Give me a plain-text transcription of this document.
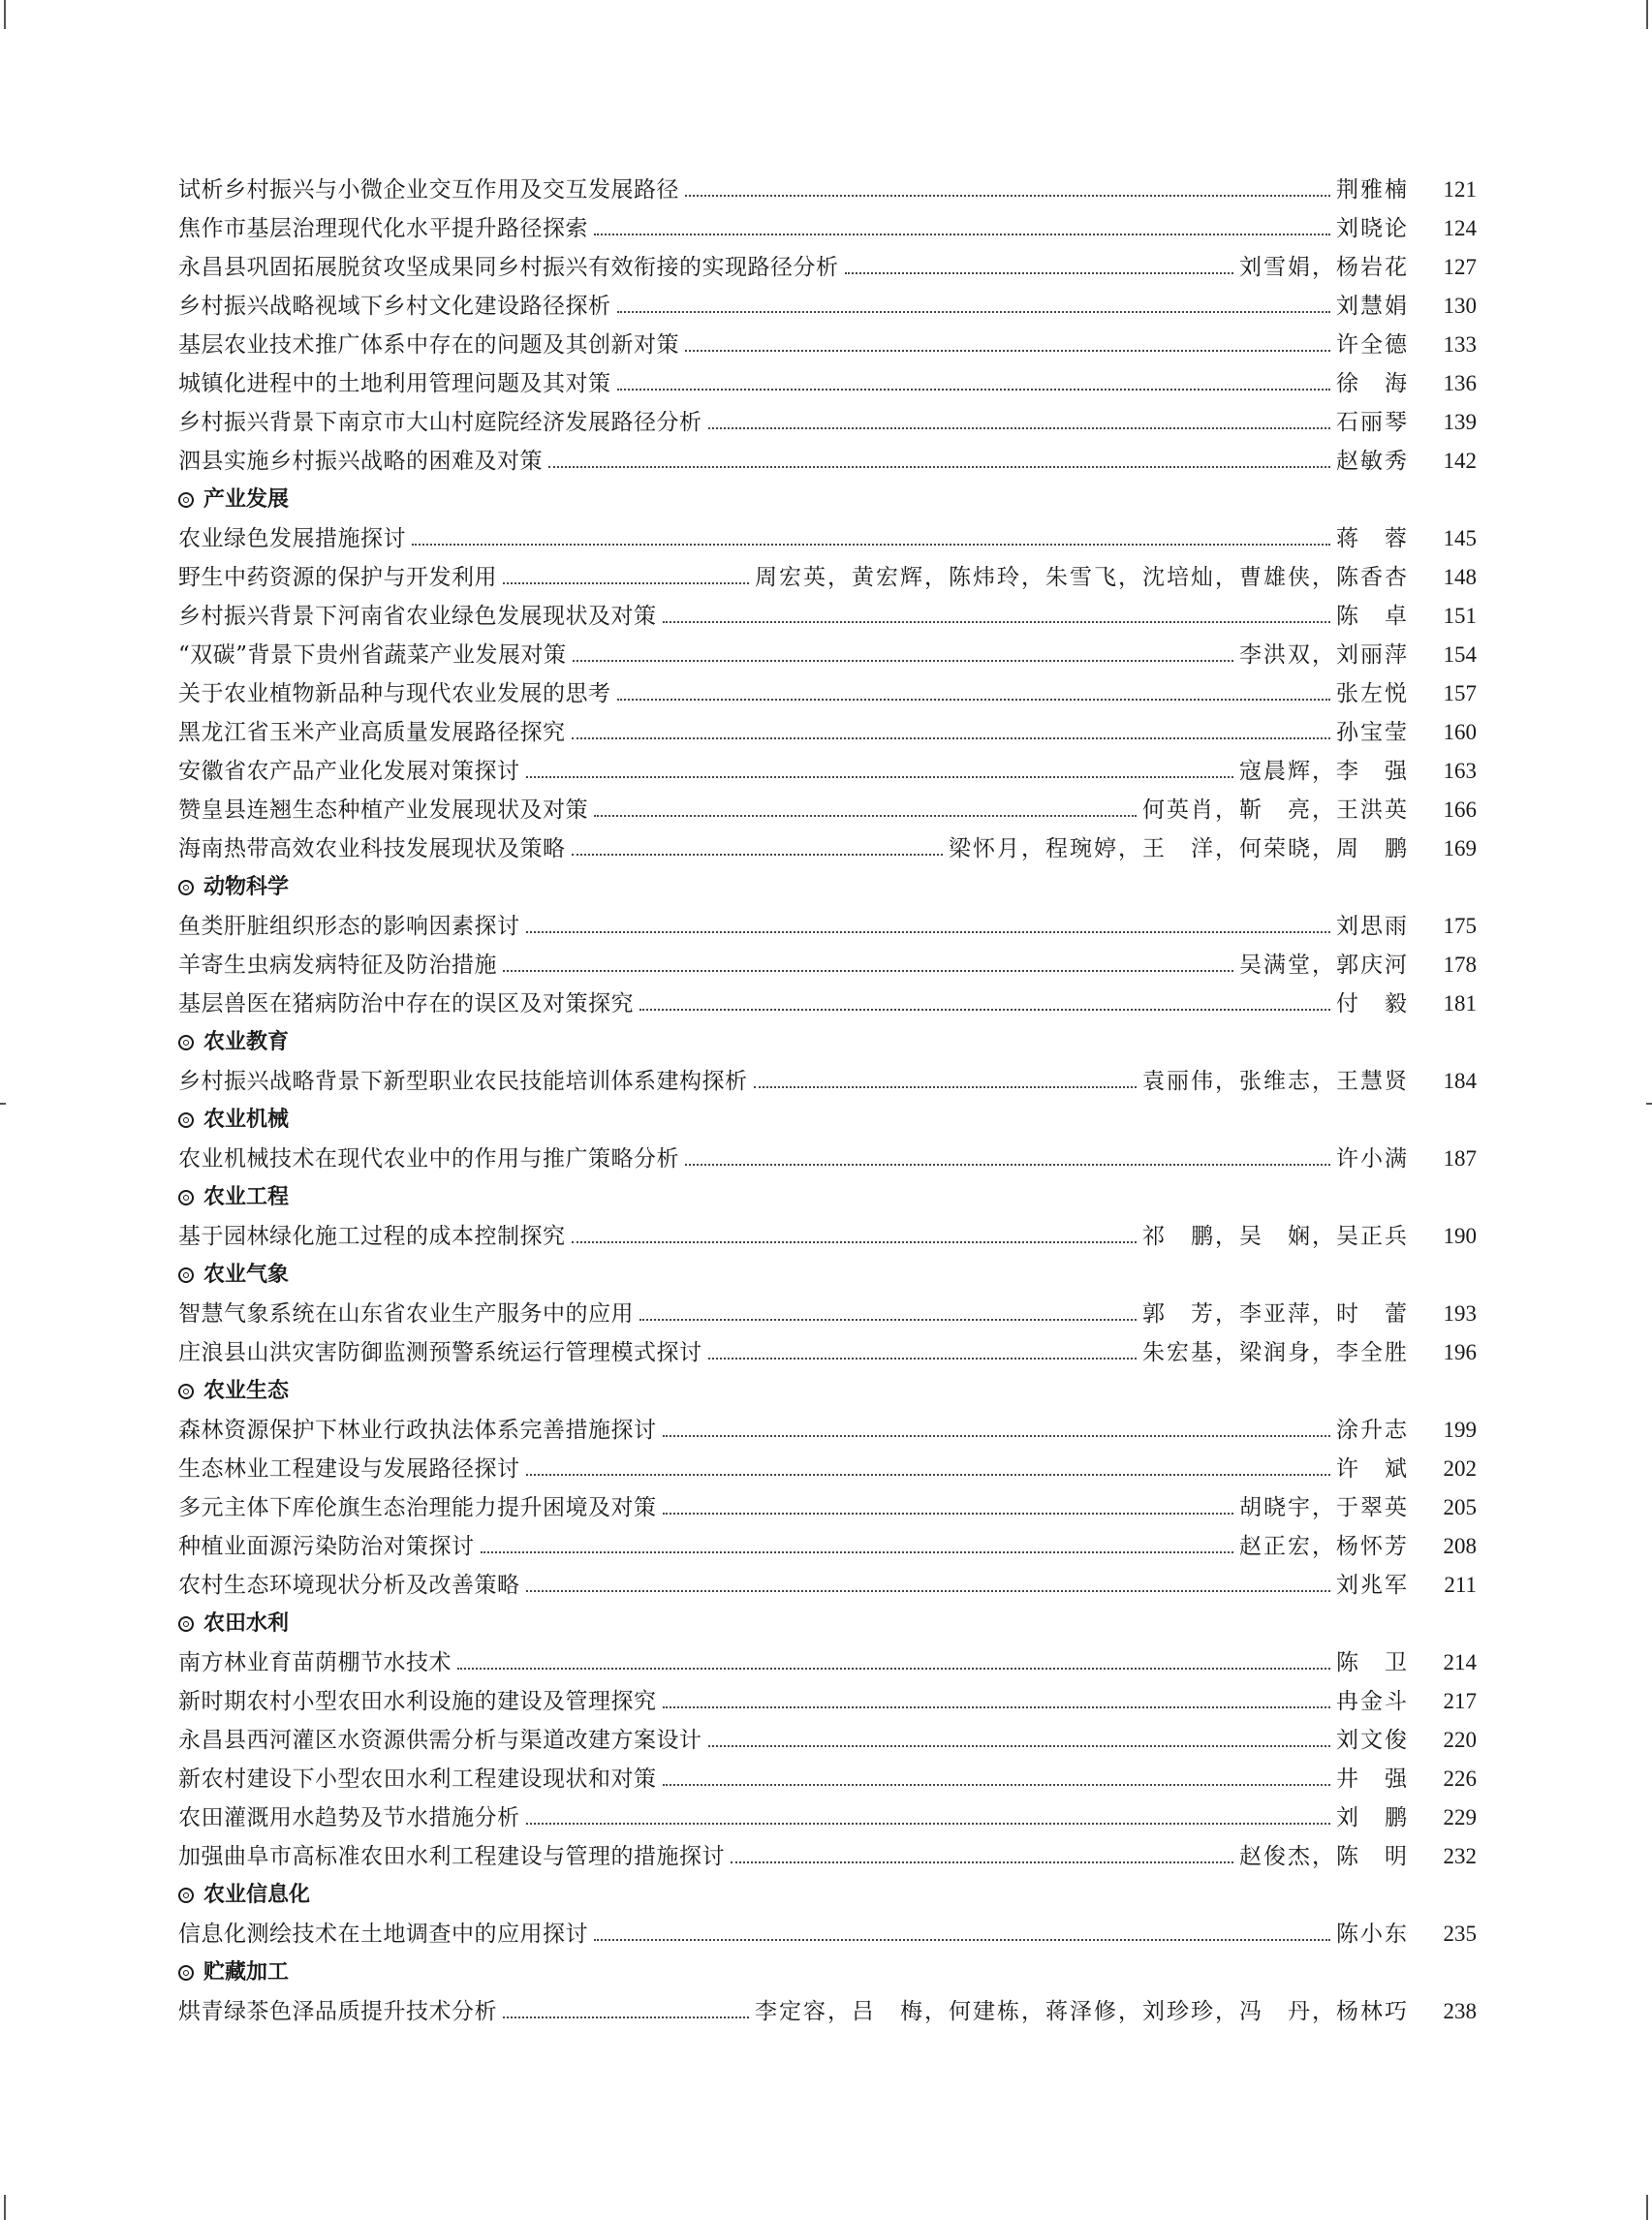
试析乡村振兴与小微企业交互作用及交互发展路径	荆雅楠	121
焦作市基层治理现代化水平提升路径探索	刘晓论	124
永昌县巩固拓展脱贫攻坚成果同乡村振兴有效衔接的实现路径分析	刘雪娟，杨岩花	127
乡村振兴战略视域下乡村文化建设路径探析	刘慧娟	130
基层农业技术推广体系中存在的问题及其创新对策	许全德	133
城镇化进程中的土地利用管理问题及其对策	徐　海	136
乡村振兴背景下南京市大山村庭院经济发展路径分析	石丽琴	139
泗县实施乡村振兴战略的困难及对策	赵敏秀	142
产业发展
农业绿色发展措施探讨	蒋　蓉	145
野生中药资源的保护与开发利用	周宏英，黄宏辉，陈炜玲，朱雪飞，沈培灿，曹雄侠，陈香杏	148
乡村振兴背景下河南省农业绿色发展现状及对策	陈　卓	151
“双碳”背景下贵州省蔬菜产业发展对策	李洪双，刘丽萍	154
关于农业植物新品种与现代农业发展的思考	张左悦	157
黑龙江省玉米产业高质量发展路径探究	孙宝莹	160
安徽省农产品产业化发展对策探讨	寇晨辉，李　强	163
赞皇县连翘生态种植产业发展现状及对策	何英肖，靳　亮，王洪英	166
海南热带高效农业科技发展现状及策略	梁怀月，程琬婷，王　洋，何荣晓，周　鹏	169
动物科学
鱼类肝脏组织形态的影响因素探讨	刘思雨	175
羊寄生虫病发病特征及防治措施	吴满堂，郭庆河	178
基层兽医在猪病防治中存在的误区及对策探究	付　毅	181
农业教育
乡村振兴战略背景下新型职业农民技能培训体系建构探析	袁丽伟，张维志，王慧贤	184
农业机械
农业机械技术在现代农业中的作用与推广策略分析	许小满	187
农业工程
基于园林绿化施工过程的成本控制探究	祁　鹏，吴　娴，吴正兵	190
农业气象
智慧气象系统在山东省农业生产服务中的应用	郭　芳，李亚萍，时　蕾	193
庄浪县山洪灾害防御监测预警系统运行管理模式探讨	朱宏基，梁润身，李全胜	196
农业生态
森林资源保护下林业行政执法体系完善措施探讨	涂升志	199
生态林业工程建设与发展路径探讨	许　斌	202
多元主体下库伦旗生态治理能力提升困境及对策	胡晓宇，于翠英	205
种植业面源污染防治对策探讨	赵正宏，杨怀芳	208
农村生态环境现状分析及改善策略	刘兆军	211
农田水利
南方林业育苗荫棚节水技术	陈　卫	214
新时期农村小型农田水利设施的建设及管理探究	冉金斗	217
永昌县西河灌区水资源供需分析与渠道改建方案设计	刘文俊	220
新农村建设下小型农田水利工程建设现状和对策	井　强	226
农田灌溉用水趋势及节水措施分析	刘　鹏	229
加强曲阜市高标准农田水利工程建设与管理的措施探讨	赵俊杰，陈　明	232
农业信息化
信息化测绘技术在土地调查中的应用探讨	陈小东	235
贮藏加工
烘青绿茶色泽品质提升技术分析	李定容，吕　梅，何建栋，蒋泽修，刘珍珍，冯　丹，杨林巧	238
